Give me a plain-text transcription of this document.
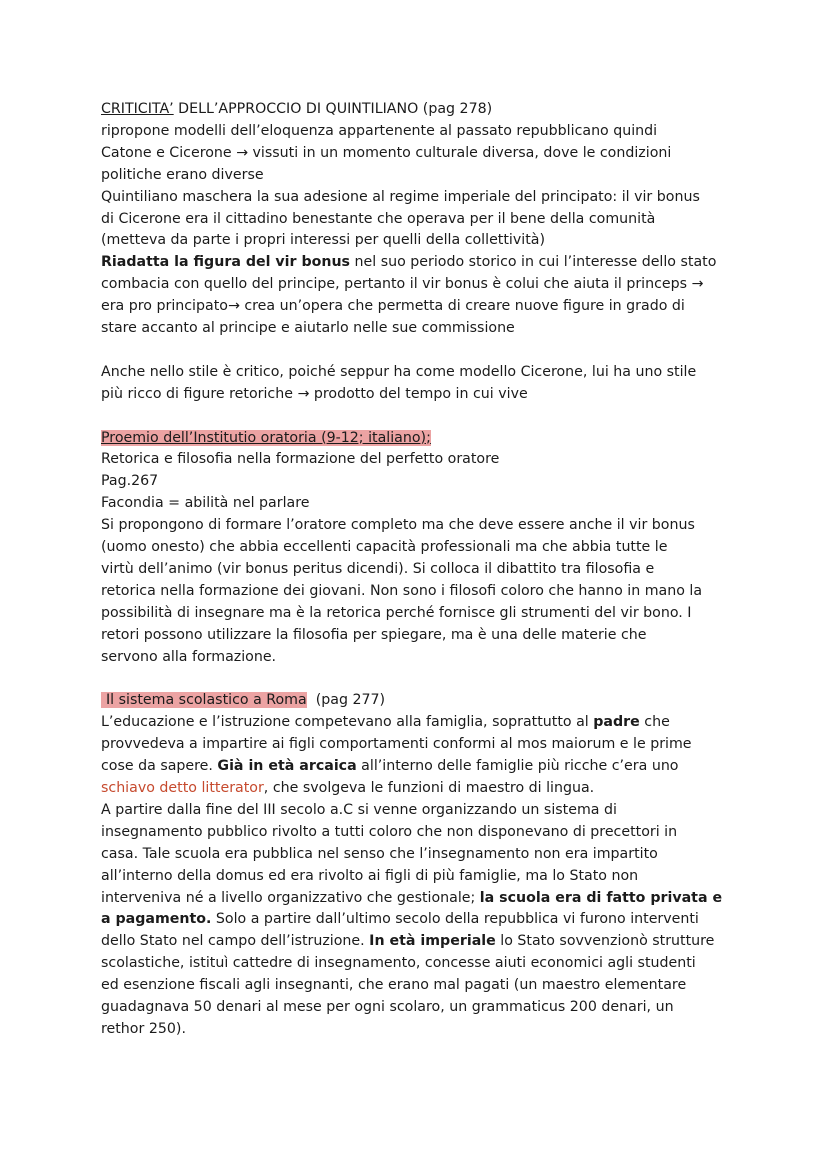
CRITICITA’ DELL’APPROCCIO DI QUINTILIANO (pag 278)
ripropone modelli dell’eloquenza appartenente al passato repubblicano quindi
Catone e Cicerone → vissuti in un momento culturale diversa, dove le condizioni
politiche erano diverse
Quintiliano maschera la sua adesione al regime imperiale del principato: il vir bonus
di Cicerone era il cittadino benestante che operava per il bene della comunità
(metteva da parte i propri interessi per quelli della collettività)
Riadatta la figura del vir bonus nel suo periodo storico in cui l’interesse dello stato
combacia con quello del principe, pertanto il vir bonus è colui che aiuta il princeps →
era pro principato→ crea un’opera che permetta di creare nuove figure in grado di
stare accanto al principe e aiutarlo nelle sue commissione
Anche nello stile è critico, poiché seppur ha come modello Cicerone, lui ha uno stile
più ricco di figure retoriche → prodotto del tempo in cui vive
Proemio dell’Institutio oratoria (9-12; italiano);
Retorica e filosofia nella formazione del perfetto oratore
Pag.267
Facondia = abilità nel parlare
Si propongono di formare l’oratore completo ma che deve essere anche il vir bonus
(uomo onesto) che abbia eccellenti capacità professionali ma che abbia tutte le
virtù dell’animo (vir bonus peritus dicendi). Si colloca il dibattito tra filosofia e
retorica nella formazione dei giovani. Non sono i filosofi coloro che hanno in mano la
possibilità di insegnare ma è la retorica perché fornisce gli strumenti del vir bono. I
retori possono utilizzare la filosofia per spiegare, ma è una delle materie che
servono alla formazione.
Il sistema scolastico a Roma  (pag 277)
L’educazione e l’istruzione competevano alla famiglia, soprattutto al padre che
provvedeva a impartire ai figli comportamenti conformi al mos maiorum e le prime
cose da sapere. Già in età arcaica all’interno delle famiglie più ricche c’era uno
schiavo detto litterator, che svolgeva le funzioni di maestro di lingua.
A partire dalla fine del III secolo a.C si venne organizzando un sistema di
insegnamento pubblico rivolto a tutti coloro che non disponevano di precettori in
casa. Tale scuola era pubblica nel senso che l’insegnamento non era impartito
all’interno della domus ed era rivolto ai figli di più famiglie, ma lo Stato non
interveniva né a livello organizzativo che gestionale; la scuola era di fatto privata e
a pagamento. Solo a partire dall’ultimo secolo della repubblica vi furono interventi
dello Stato nel campo dell’istruzione. In età imperiale lo Stato sovvenzionò strutture
scolastiche, istituì cattedre di insegnamento, concesse aiuti economici agli studenti
ed esenzione fiscali agli insegnanti, che erano mal pagati (un maestro elementare
guadagnava 50 denari al mese per ogni scolaro, un grammaticus 200 denari, un
rethor 250).
